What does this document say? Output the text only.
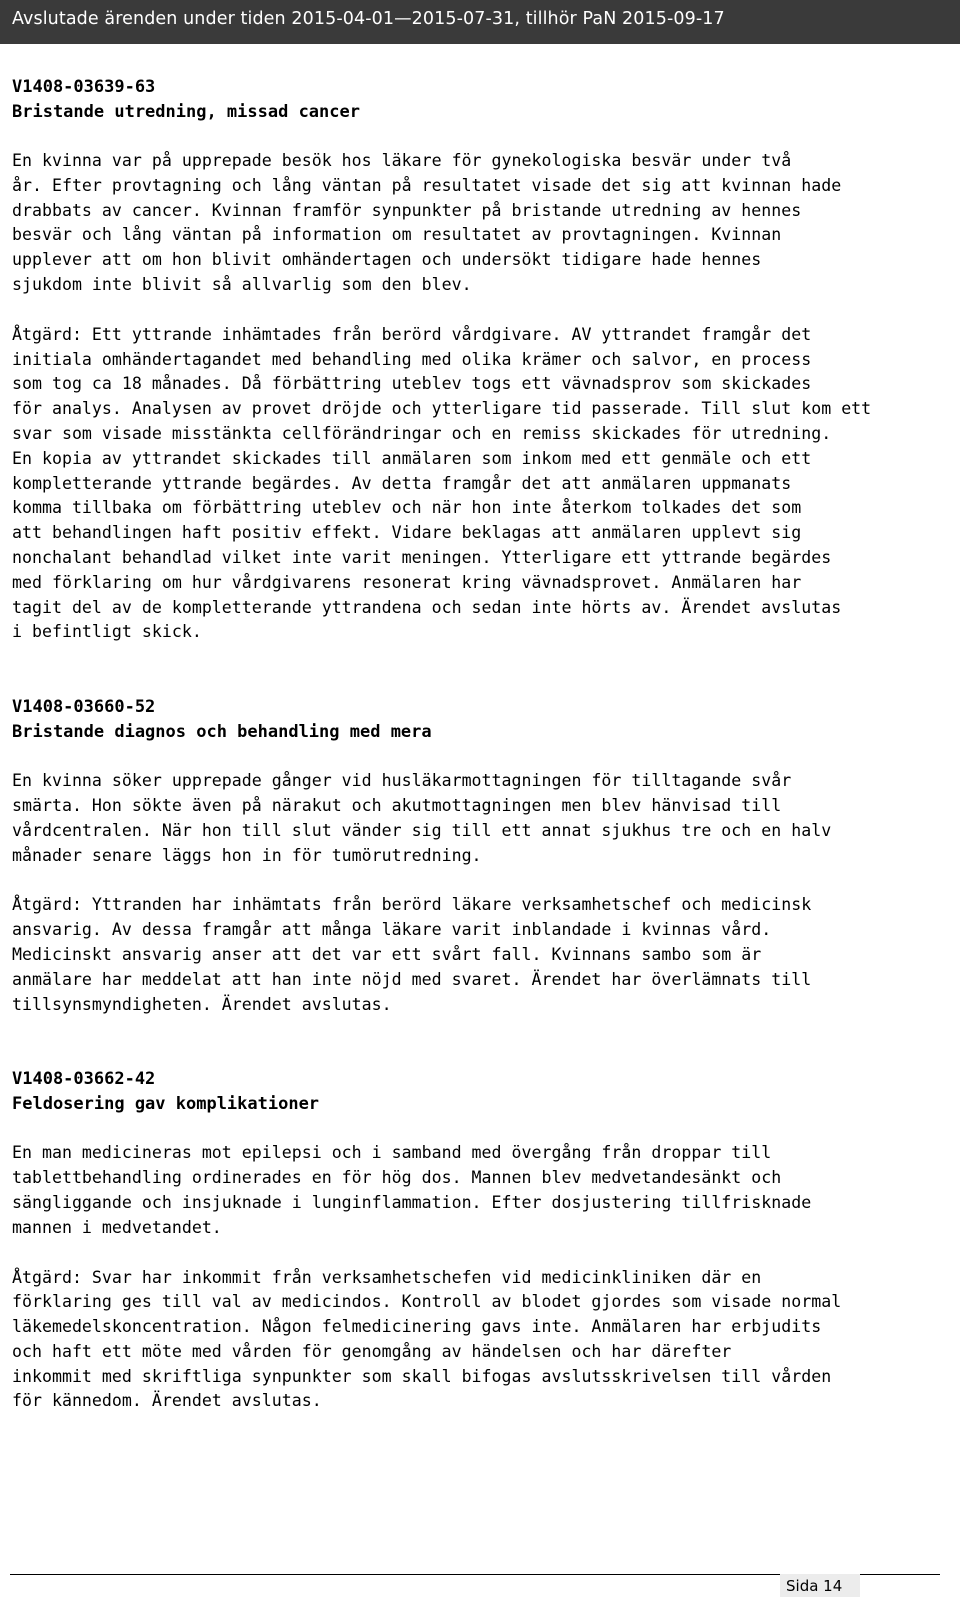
Avslutade ärenden under tiden 2015-04-01—2015-07-31, tillhör PaN 2015-09-17

V1408-03639-63

Bristande utredning, missad cancer

En kvinna var på upprepade besök hos läkare för gynekologiska besvär under två
år. Efter provtagning och lång väntan på resultatet visade det sig att kvinnan hade
drabbats av cancer. Kvinnan framför synpunkter på bristande utredning av hennes
besvär och lång väntan på information om resultatet av provtagningen. Kvinnan
upplever att om hon blivit omhändertagen och undersökt tidigare hade hennes
sjukdom inte blivit så allvarlig som den blev.

Åtgärd: Ett yttrande inhämtades från berörd vårdgivare. AV yttrandet framgår det
initiala omhändertagandet med behandling med olika krämer och salvor, en process
som tog ca 18 månades. Då förbättring uteblev togs ett vävnadsprov som skickades
för analys. Analysen av provet dröjde och ytterligare tid passerade. Till slut kom ett
svar som visade misstänkta cellförändringar och en remiss skickades för utredning.
En kopia av yttrandet skickades till anmälaren som inkom med ett genmäle och ett
kompletterande yttrande begärdes. Av detta framgår det att anmälaren uppmanats
komma tillbaka om förbättring uteblev och när hon inte återkom tolkades det som
att behandlingen haft positiv effekt. Vidare beklagas att anmälaren upplevt sig
nonchalant behandlad vilket inte varit meningen. Ytterligare ett yttrande begärdes
med förklaring om hur vårdgivarens resonerat kring vävnadsprovet. Anmälaren har
tagit del av de kompletterande yttrandena och sedan inte hörts av. Ärendet avslutas
i befintligt skick.

V1408-03660-52

Bristande diagnos och behandling med mera

En kvinna söker upprepade gånger vid husläkarmottagningen för tilltagande svår
smärta. Hon sökte även på närakut och akutmottagningen men blev hänvisad till
vårdcentralen. När hon till slut vänder sig till ett annat sjukhus tre och en halv
månader senare läggs hon in för tumörutredning.

Åtgärd: Yttranden har inhämtats från berörd läkare verksamhetschef och medicinsk
ansvarig. Av dessa framgår att många läkare varit inblandade i kvinnas vård.
Medicinskt ansvarig anser att det var ett svårt fall. Kvinnans sambo som är
anmälare har meddelat att han inte nöjd med svaret. Ärendet har överlämnats till
tillsynsmyndigheten. Ärendet avslutas.

V1408-03662-42

Feldosering gav komplikationer

En man medicineras mot epilepsi och i samband med övergång från droppar till
tablettbehandling ordinerades en för hög dos. Mannen blev medvetandesänkt och
sängliggande och insjuknade i lunginflammation. Efter dosjustering tillfrisknade
mannen i medvetandet.

Åtgärd: Svar har inkommit från verksamhetschefen vid medicinkliniken där en
förklaring ges till val av medicindos. Kontroll av blodet gjordes som visade normal
läkemedelskoncentration. Någon felmedicinering gavs inte. Anmälaren har erbjudits
och haft ett möte med vården för genomgång av händelsen och har därefter
inkommit med skriftliga synpunkter som skall bifogas avslutsskrivelsen till vården
för kännedom. Ärendet avslutas.

Sida 14
